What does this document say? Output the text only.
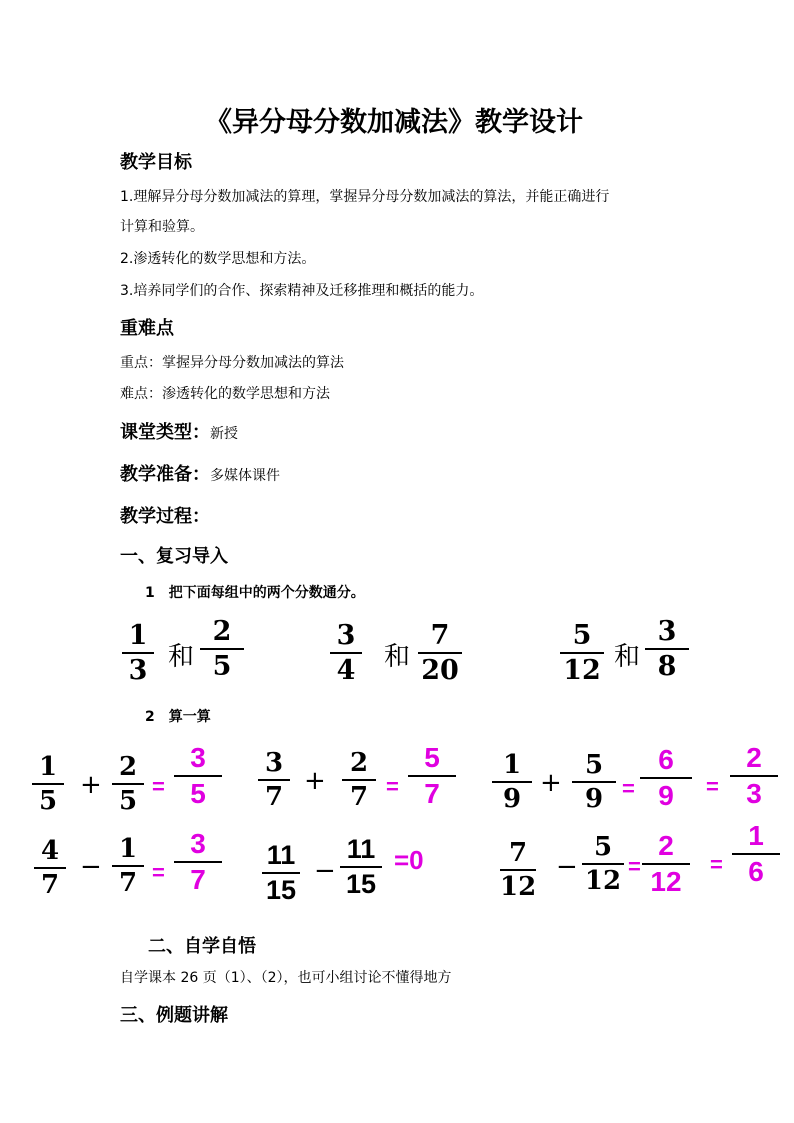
《异分母分数加减法》教学设计
教学目标
1.理解异分母分数加减法的算理，掌握异分母分数加减法的算法，并能正确进行
计算和验算。
2.渗透转化的数学思想和方法。
3.培养同学们的合作、探索精神及迁移推理和概括的能力。
重难点
重点：掌握异分母分数加减法的算法
难点：渗透转化的数学思想和方法
课堂类型：新授
教学准备：多媒体课件
教学过程：
一、复习导入
1　把下面每组中的两个分数通分。
1
3 和
2
5
3
4 和
7
20
5
12 和
3
8
2　算一算
1
5
+
2
5 =
3
5
3
7
+
2
7 =
5
7
1
9
+
5
9 =
6
9	=
2
3
4
7
−
1
7 =
3
7
11
15
−
11
15
=0	7
12
−
5
12 =
2
12
=
1
6
二、自学自悟
自学课本 26 页（1）、（2），也可小组讨论不懂得地方
三、例题讲解
